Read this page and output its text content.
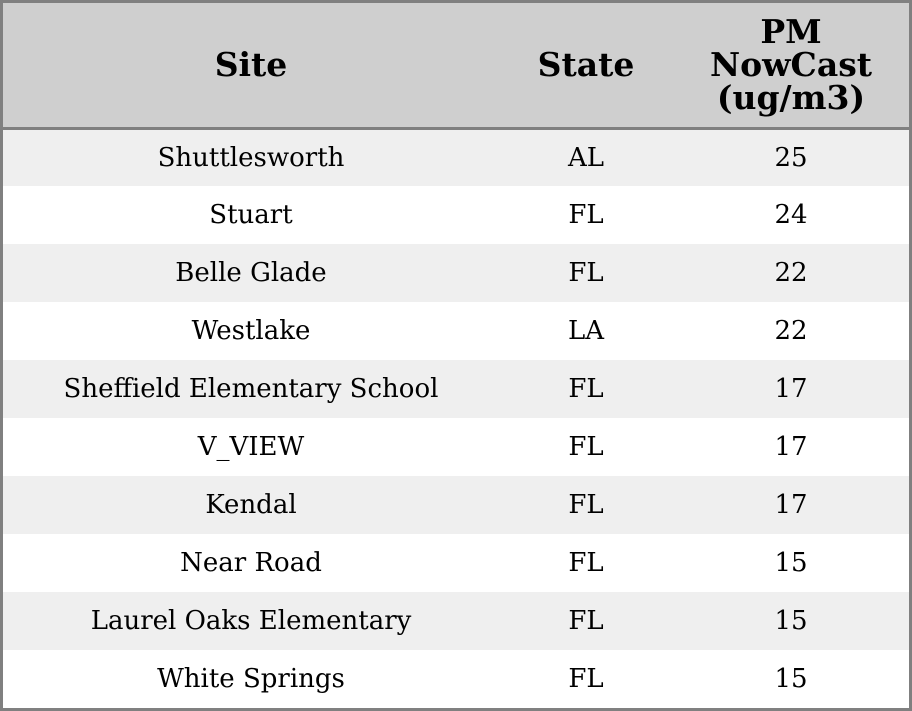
Site	State	PM
NowCast
(ug/m3)
Shuttlesworth	AL	25
Stuart	FL	24
Belle Glade	FL	22
Westlake	LA	22
Sheffield Elementary School	FL	17
V_VIEW	FL	17
Kendal	FL	17
Near Road	FL	15
Laurel Oaks Elementary	FL	15
White Springs	FL	15
